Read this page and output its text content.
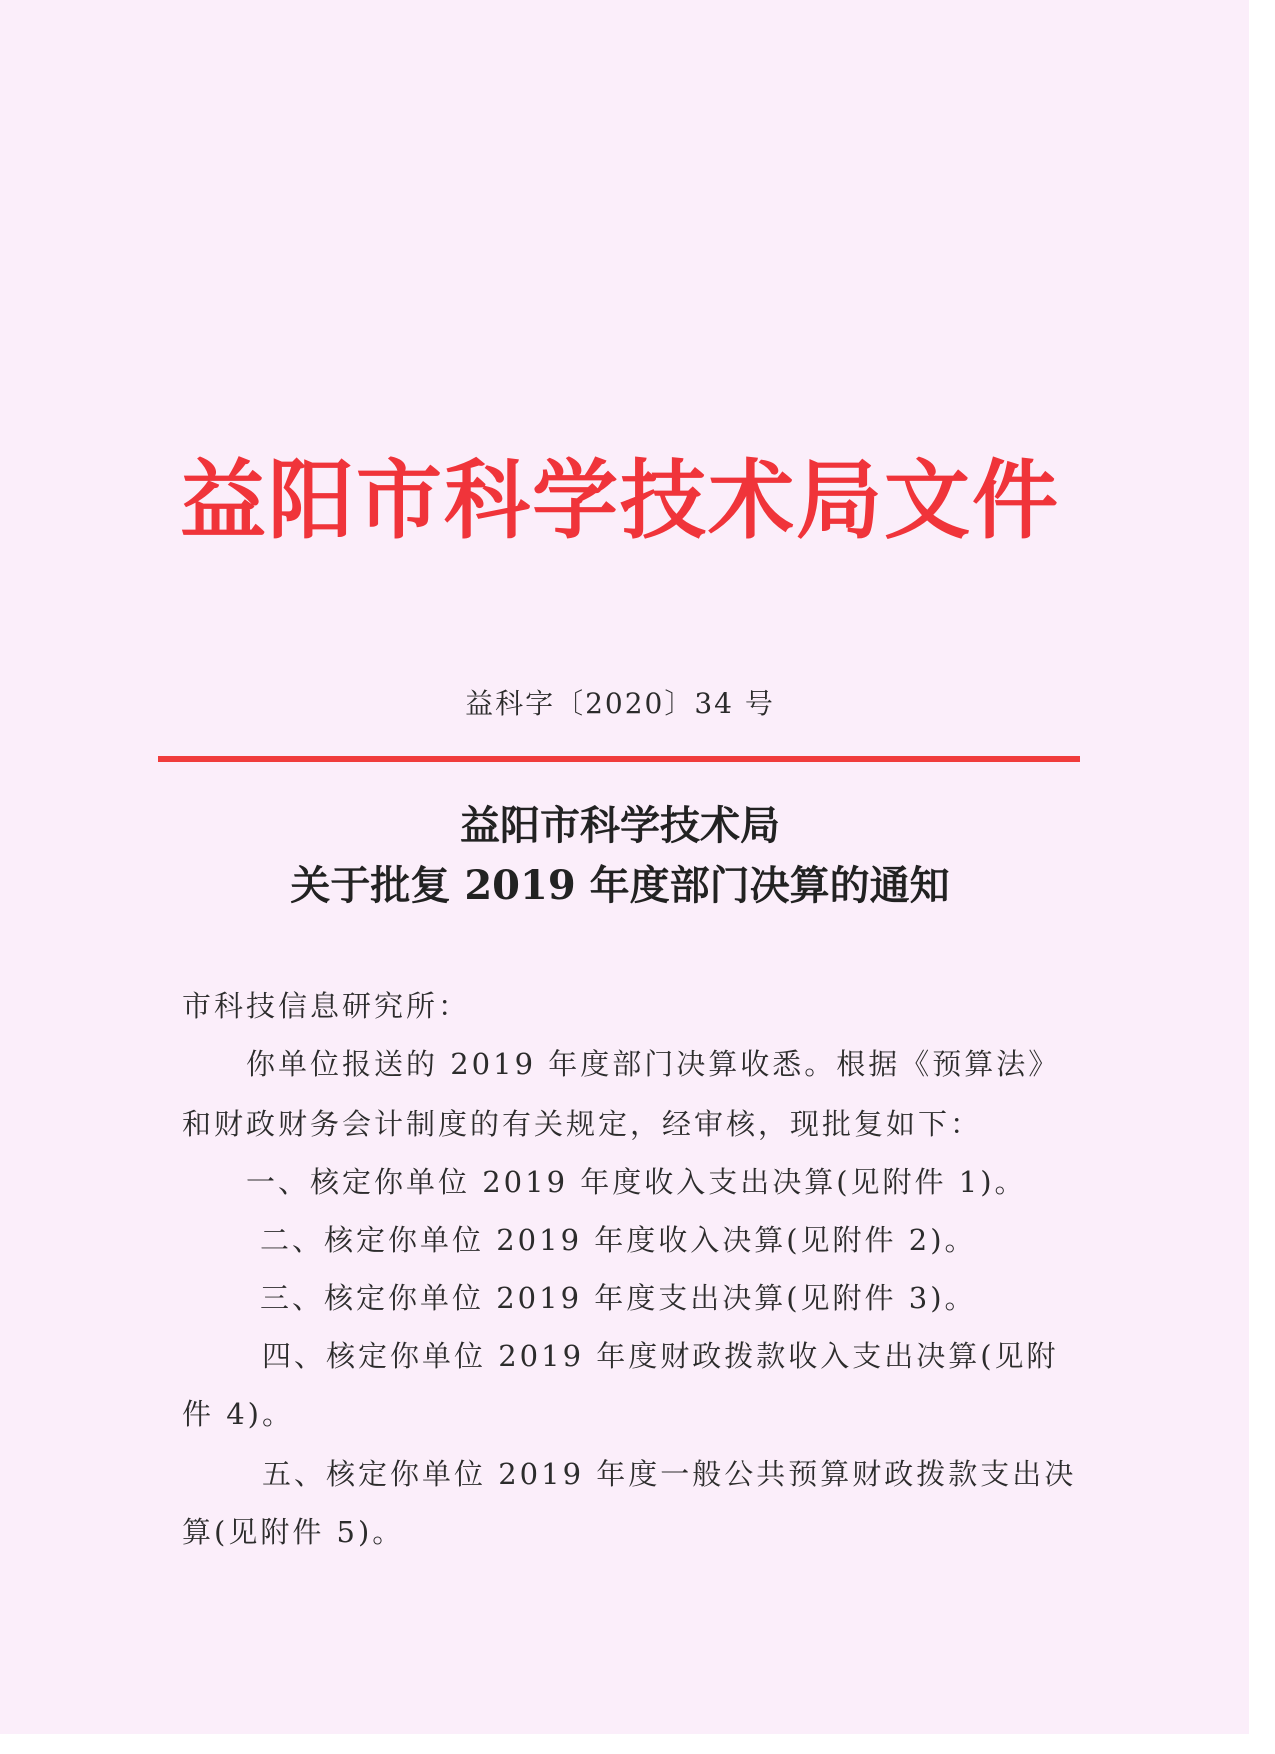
益阳市科学技术局文件
益科字〔2020〕34 号
益阳市科学技术局
关于批复 2019 年度部门决算的通知
市科技信息研究所：
你单位报送的 2019 年度部门决算收悉。根据《预算法》
和财政财务会计制度的有关规定，经审核，现批复如下：
一、核定你单位 2019 年度收入支出决算(见附件 1)。
二、核定你单位 2019 年度收入决算(见附件 2)。
三、核定你单位 2019 年度支出决算(见附件 3)。
四、核定你单位 2019 年度财政拨款收入支出决算(见附
件 4)。
五、核定你单位 2019 年度一般公共预算财政拨款支出决
算(见附件 5)。
